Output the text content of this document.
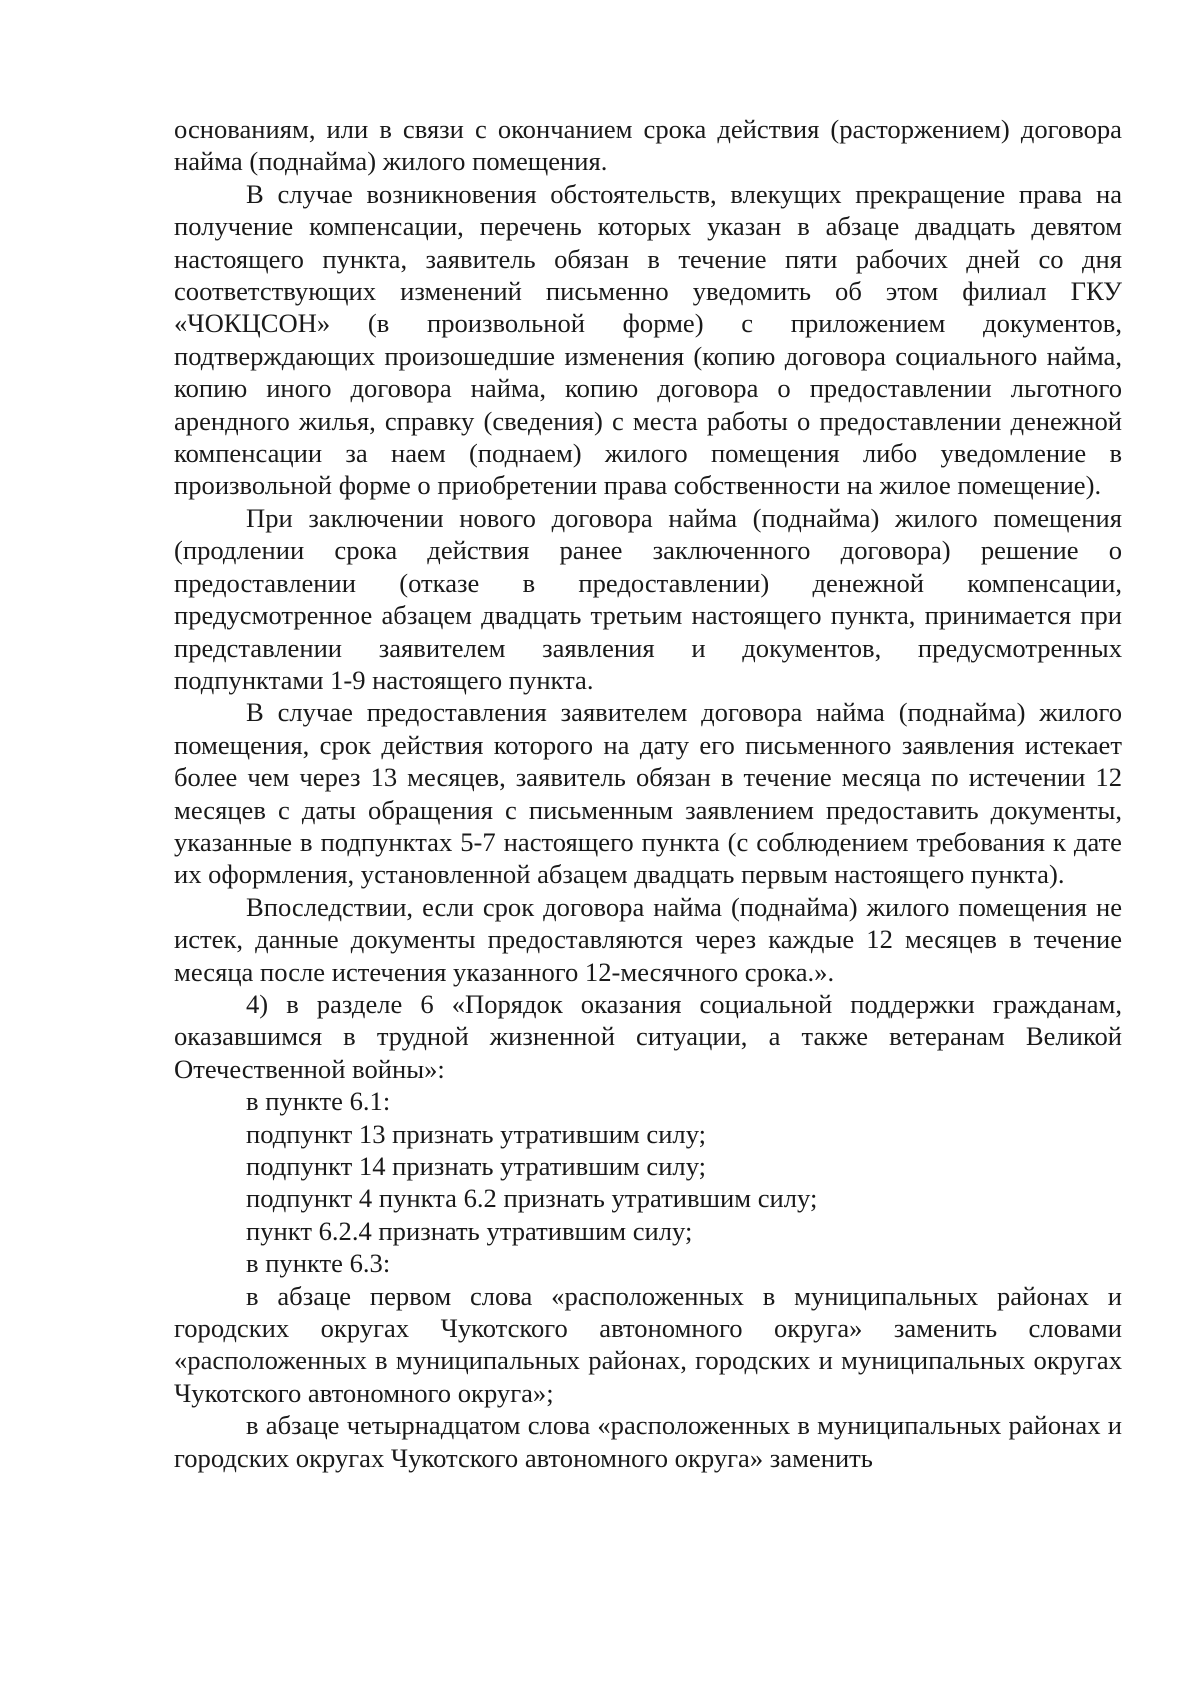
основаниям, или в связи с окончанием срока действия (расторжением) договора найма (поднайма) жилого помещения.

В случае возникновения обстоятельств, влекущих прекращение права на получение компенсации, перечень которых указан в абзаце двадцать девятом настоящего пункта, заявитель обязан в течение пяти рабочих дней со дня соответствующих изменений письменно уведомить об этом филиал ГКУ «ЧОКЦСОН» (в произвольной форме) с приложением документов, подтверждающих произошедшие изменения (копию договора социального найма, копию иного договора найма, копию договора о предоставлении льготного арендного жилья, справку (сведения) с места работы о предоставлении денежной компенсации за наем (поднаем) жилого помещения либо уведомление в произвольной форме о приобретении права собственности на жилое помещение).

При заключении нового договора найма (поднайма) жилого помещения (продлении срока действия ранее заключенного договора) решение о предоставлении (отказе в предоставлении) денежной компенсации, предусмотренное абзацем двадцать третьим настоящего пункта, принимается при представлении заявителем заявления и документов, предусмотренных подпунктами 1-9 настоящего пункта.

В случае предоставления заявителем договора найма (поднайма) жилого помещения, срок действия которого на дату его письменного заявления истекает более чем через 13 месяцев, заявитель обязан в течение месяца по истечении 12 месяцев с даты обращения с письменным заявлением предоставить документы, указанные в подпунктах 5-7 настоящего пункта (с соблюдением требования к дате их оформления, установленной абзацем двадцать первым настоящего пункта).

Впоследствии, если срок договора найма (поднайма) жилого помещения не истек, данные документы предоставляются через каждые 12 месяцев в течение месяца после истечения указанного 12-месячного срока.».

4) в разделе 6 «Порядок оказания социальной поддержки гражданам, оказавшимся в трудной жизненной ситуации, а также ветеранам Великой Отечественной войны»:

в пункте 6.1:

подпункт 13 признать утратившим силу;

подпункт 14 признать утратившим силу;

подпункт 4 пункта 6.2 признать утратившим силу;

пункт 6.2.4 признать утратившим силу;

в пункте 6.3:

в абзаце первом слова «расположенных в муниципальных районах и городских округах Чукотского автономного округа» заменить словами «расположенных в муниципальных районах, городских и муниципальных округах Чукотского автономного округа»;

в абзаце четырнадцатом слова «расположенных в муниципальных районах и городских округах Чукотского автономного округа» заменить
